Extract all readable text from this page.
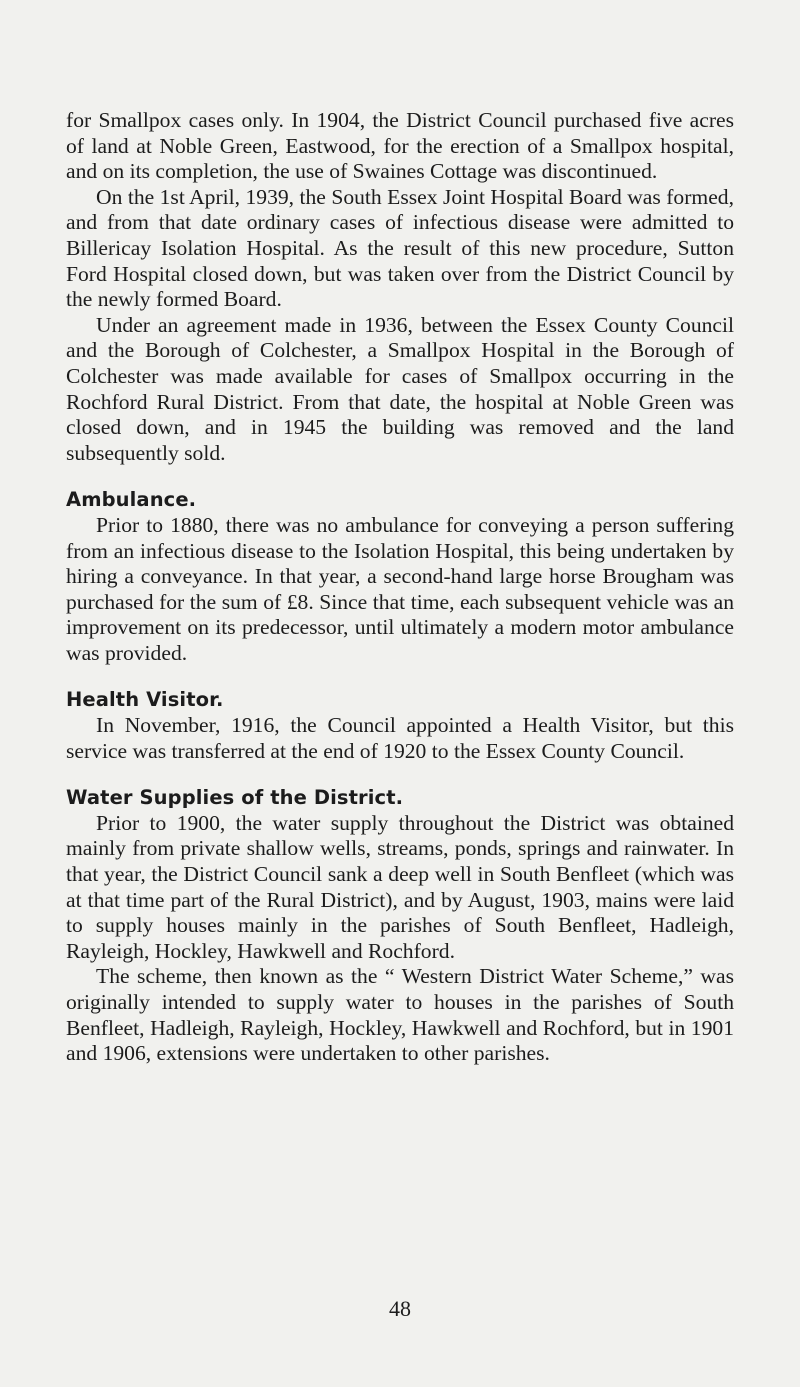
for Smallpox cases only. In 1904, the District Council purchased five acres of land at Noble Green, Eastwood, for the erection of a Smallpox hospital, and on its completion, the use of Swaines Cottage was discontinued.

On the 1st April, 1939, the South Essex Joint Hospital Board was formed, and from that date ordinary cases of infectious disease were admitted to Billericay Isolation Hospital. As the result of this new procedure, Sutton Ford Hospital closed down, but was taken over from the District Council by the newly formed Board.

Under an agreement made in 1936, between the Essex County Council and the Borough of Colchester, a Smallpox Hospital in the Borough of Colchester was made available for cases of Smallpox occurring in the Rochford Rural District. From that date, the hospital at Noble Green was closed down, and in 1945 the building was removed and the land subsequently sold.

Ambulance.

Prior to 1880, there was no ambulance for conveying a person suffering from an infectious disease to the Isolation Hospital, this being undertaken by hiring a conveyance. In that year, a second-hand large horse Brougham was purchased for the sum of £8. Since that time, each subsequent vehicle was an improvement on its predecessor, until ultimately a modern motor ambulance was provided.

Health Visitor.

In November, 1916, the Council appointed a Health Visitor, but this service was transferred at the end of 1920 to the Essex County Council.

Water Supplies of the District.

Prior to 1900, the water supply throughout the District was obtained mainly from private shallow wells, streams, ponds, springs and rainwater. In that year, the District Council sank a deep well in South Benfleet (which was at that time part of the Rural District), and by August, 1903, mains were laid to supply houses mainly in the parishes of South Benfleet, Hadleigh, Rayleigh, Hockley, Hawkwell and Rochford.

The scheme, then known as the “ Western District Water Scheme,” was originally intended to supply water to houses in the parishes of South Benfleet, Hadleigh, Rayleigh, Hockley, Hawkwell and Rochford, but in 1901 and 1906, extensions were undertaken to other parishes.

48
